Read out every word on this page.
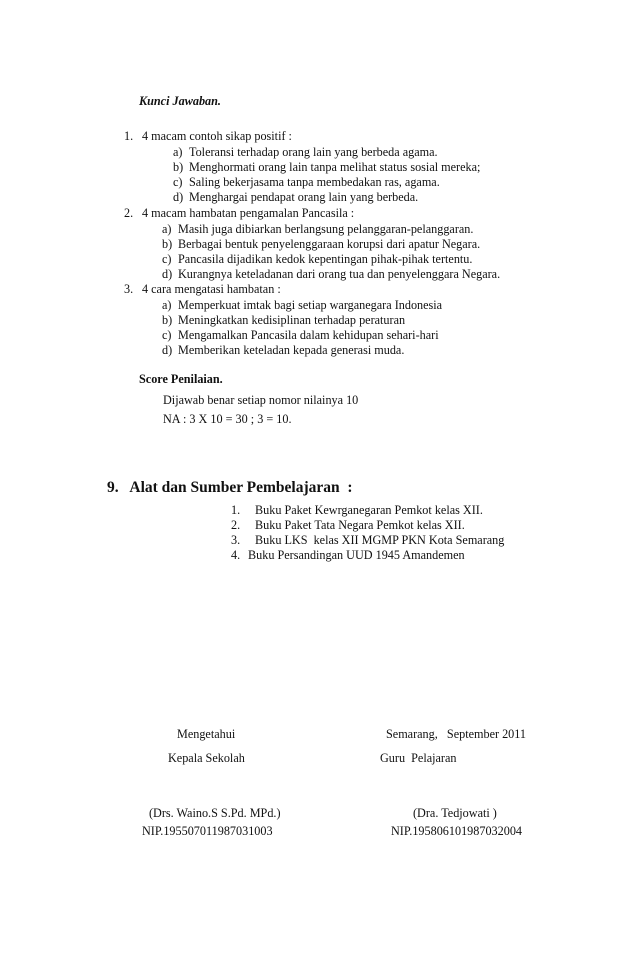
Kunci Jawaban.
1. 4 macam contoh sikap positif :
a) Toleransi terhadap orang lain yang berbeda agama.
b) Menghormati orang lain tanpa melihat status sosial mereka;
c) Saling bekerjasama tanpa membedakan ras, agama.
d) Menghargai pendapat orang lain yang berbeda.
2. 4 macam hambatan pengamalan Pancasila :
a) Masih juga dibiarkan berlangsung pelanggaran-pelanggaran.
b) Berbagai bentuk penyelenggaraan korupsi dari apatur Negara.
c) Pancasila dijadikan kedok kepentingan pihak-pihak tertentu.
d) Kurangnya keteladanan dari orang tua dan penyelenggara Negara.
3. 4 cara mengatasi hambatan :
a) Memperkuat imtak bagi setiap warganegara Indonesia
b) Meningkatkan kedisiplinan terhadap peraturan
c) Mengamalkan Pancasila dalam kehidupan sehari-hari
d) Memberikan keteladan kepada generasi muda.
Score Penilaian.
Dijawab benar setiap nomor nilainya 10
NA : 3 X 10 = 30 ; 3 = 10.
9.   Alat dan Sumber Pembelajaran  :
1. Buku Paket Kewrganegaran Pemkot kelas XII.
2. Buku Paket Tata Negara Pemkot kelas XII.
3. Buku LKS  kelas XII MGMP PKN Kota Semarang
4. Buku Persandingan UUD 1945 Amandemen
Mengetahui
Kepala Sekolah
(Drs. Waino.S S.Pd. MPd.)
NIP.195507011987031003
Semarang,   September 2011
Guru  Pelajaran
(Dra. Tedjowati )
NIP.195806101987032004
